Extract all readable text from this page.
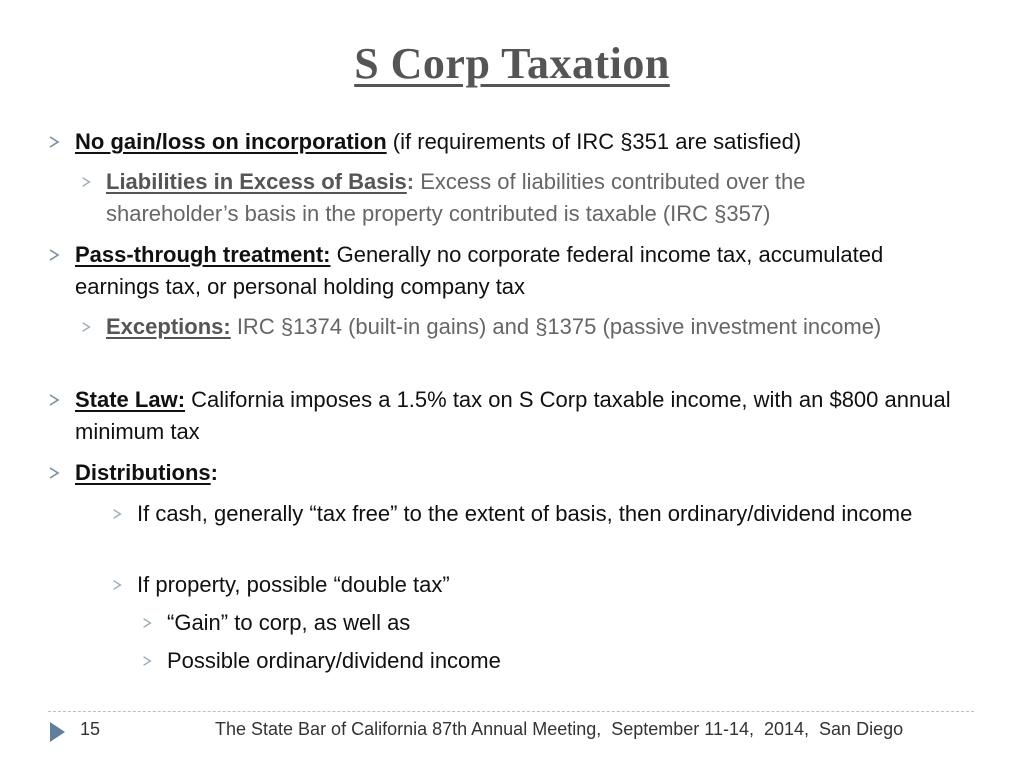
S Corp Taxation
No gain/loss on incorporation (if requirements of IRC §351 are satisfied)
Liabilities in Excess of Basis: Excess of liabilities contributed over the shareholder’s basis in the property contributed is taxable (IRC §357)
Pass-through treatment: Generally no corporate federal income tax, accumulated earnings tax, or personal holding company tax
Exceptions: IRC §1374 (built-in gains) and §1375 (passive investment income)
State Law: California imposes a 1.5% tax on S Corp taxable income, with an $800 annual minimum tax
Distributions:
If cash, generally “tax free” to the extent of basis, then ordinary/dividend income
If property, possible “double tax”
“Gain” to corp, as well as
Possible ordinary/dividend income
15	The State Bar of California 87th Annual Meeting,  September 11-14,  2014,  San Diego
